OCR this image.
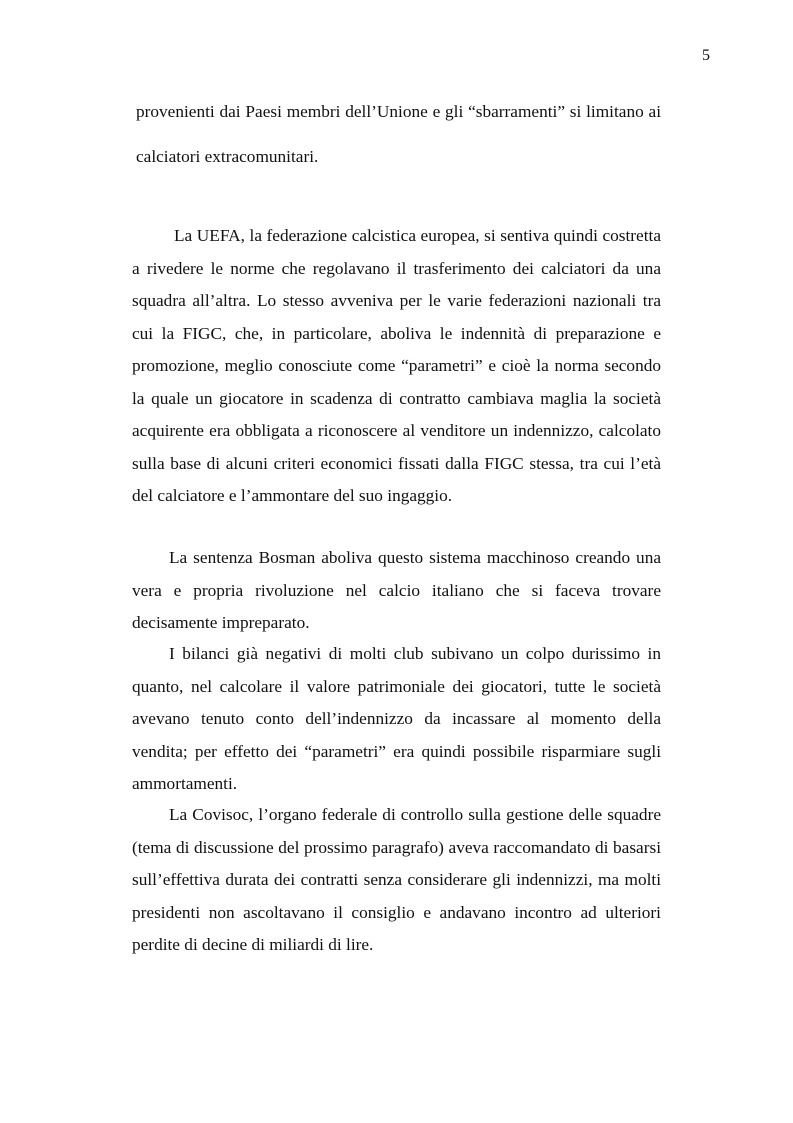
5

provenienti dai Paesi membri dell’Unione e gli “sbarramenti” si limitano ai calciatori extracomunitari.

La UEFA, la federazione calcistica europea, si sentiva quindi costretta a rivedere le norme che regolavano il trasferimento dei calciatori da una squadra all’altra. Lo stesso avveniva per le varie federazioni nazionali tra cui la FIGC, che, in particolare, aboliva le indennità di preparazione e promozione, meglio conosciute come “parametri” e cioè la norma secondo la quale un giocatore in scadenza di contratto cambiava maglia la società acquirente era obbligata a riconoscere al venditore un indennizzo, calcolato sulla base di alcuni criteri economici fissati dalla FIGC stessa, tra cui l’età del calciatore e l’ammontare del suo ingaggio.

La sentenza Bosman aboliva questo sistema macchinoso creando una vera e propria rivoluzione nel calcio italiano che si faceva trovare decisamente impreparato.

I bilanci già negativi di molti club subivano un colpo durissimo in quanto, nel calcolare il valore patrimoniale dei giocatori, tutte le società avevano tenuto conto dell’indennizzo da incassare al momento della vendita; per effetto dei “parametri” era quindi possibile risparmiare sugli ammortamenti.

La Covisoc, l’organo federale di controllo sulla gestione delle squadre (tema di discussione del prossimo paragrafo) aveva raccomandato di basarsi sull’effettiva durata dei contratti senza considerare gli indennizzi, ma molti presidenti non ascoltavano il consiglio e andavano incontro ad ulteriori perdite di decine di miliardi di lire.
